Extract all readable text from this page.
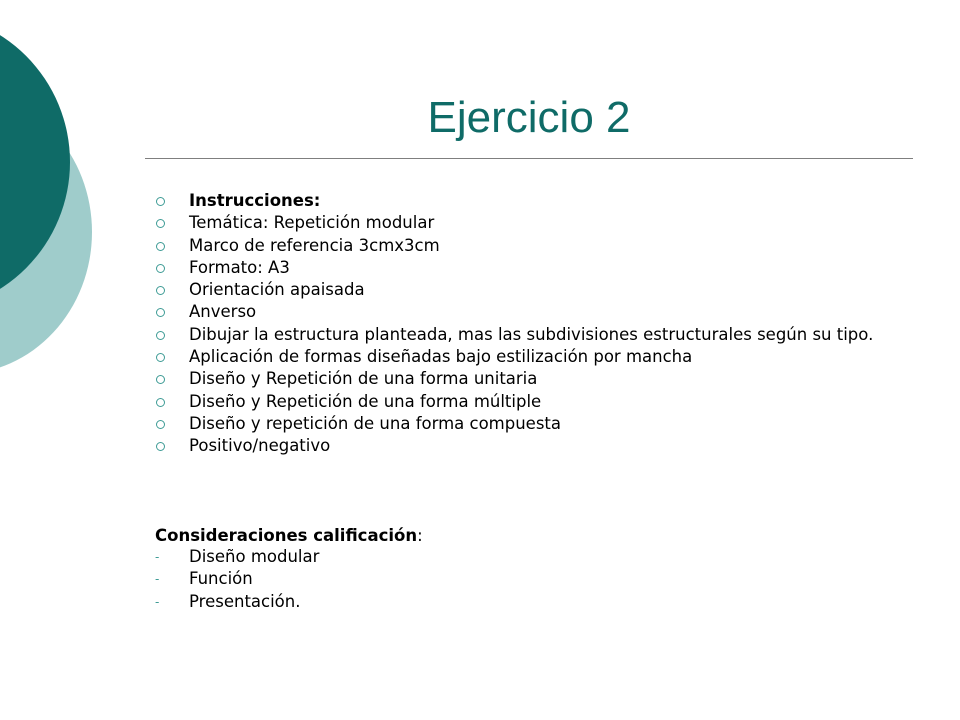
Ejercicio 2
Instrucciones:
Temática: Repetición modular
Marco de referencia 3cmx3cm
Formato: A3
Orientación apaisada
Anverso
Dibujar la estructura planteada, mas las subdivisiones estructurales según su tipo.
Aplicación de formas diseñadas bajo estilización por mancha
Diseño y Repetición de una forma unitaria
Diseño y Repetición de una forma múltiple
Diseño y repetición de una forma compuesta
Positivo/negativo
Consideraciones calificación:
- Diseño modular
- Función
- Presentación.
